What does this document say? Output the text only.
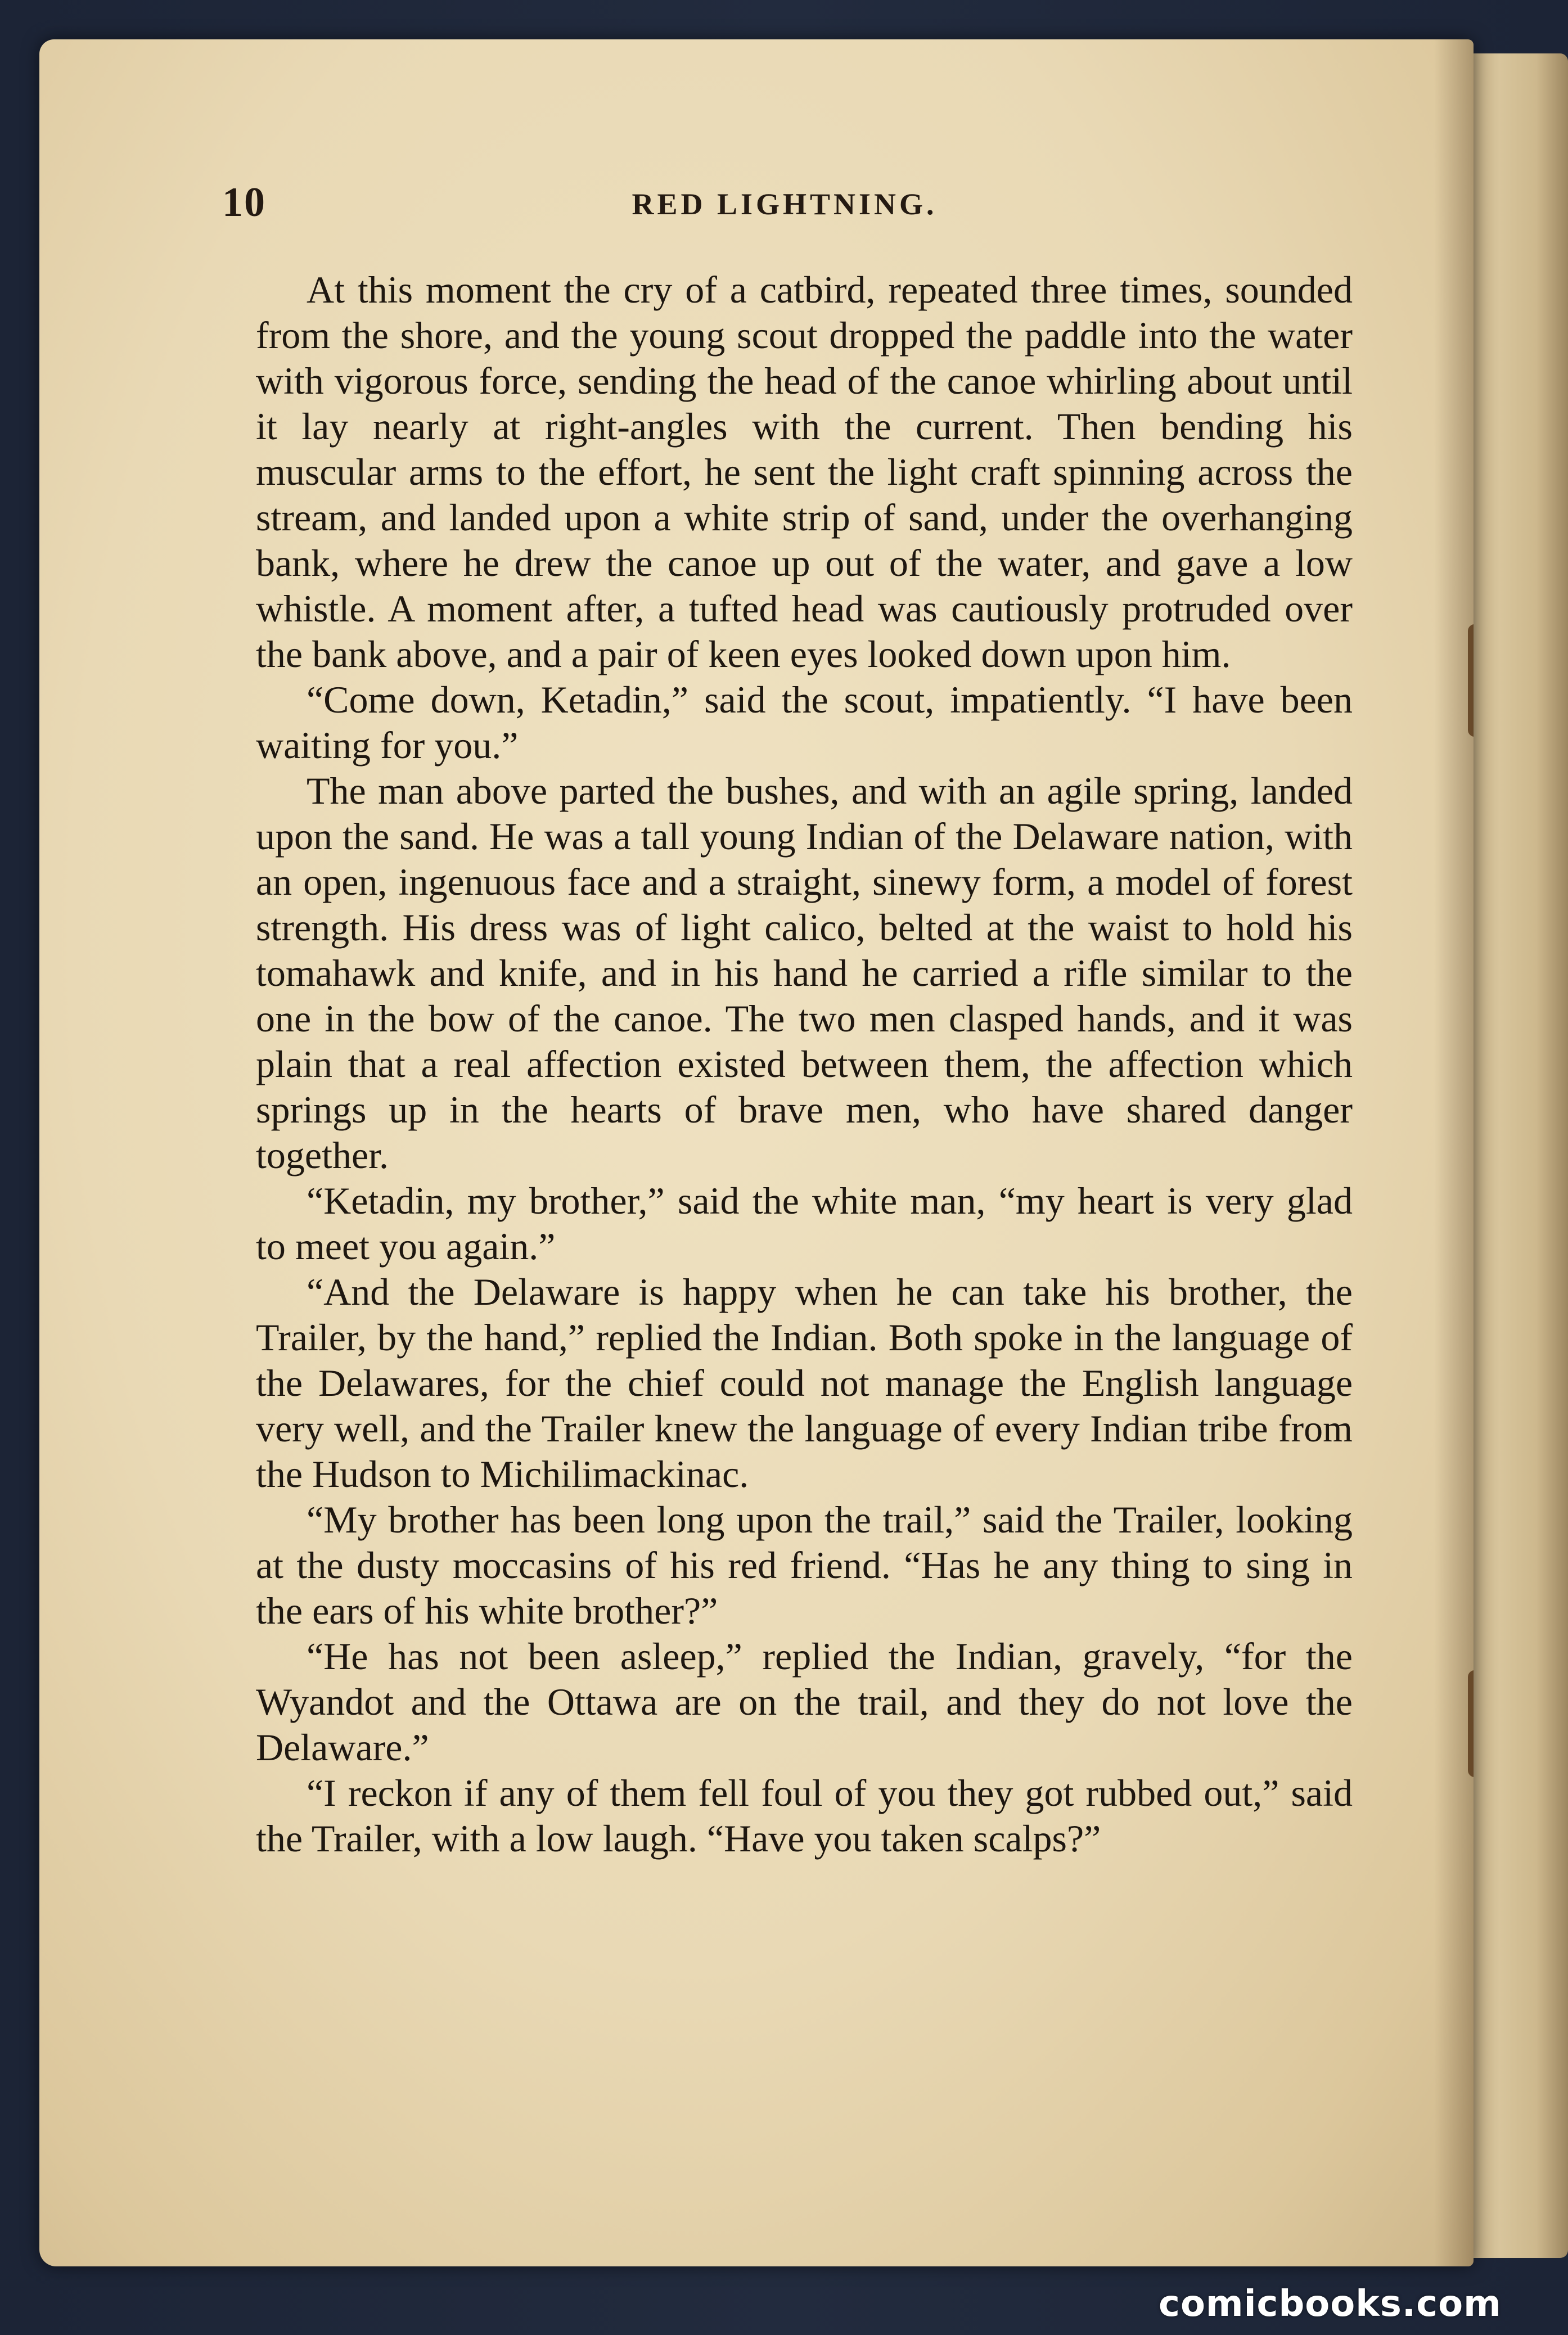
10	RED LIGHTNING.

At this moment the cry of a catbird, repeated three times, sounded from the shore, and the young scout dropped the paddle into the water with vigorous force, sending the head of the canoe whirling about until it lay nearly at right-angles with the current. Then bending his muscular arms to the effort, he sent the light craft spinning across the stream, and landed upon a white strip of sand, under the overhanging bank, where he drew the canoe up out of the water, and gave a low whistle. A moment after, a tufted head was cautiously protruded over the bank above, and a pair of keen eyes looked down upon him.

“Come down, Ketadin,” said the scout, impatiently. “I have been waiting for you.”

The man above parted the bushes, and with an agile spring, landed upon the sand. He was a tall young Indian of the Delaware nation, with an open, ingenuous face and a straight, sinewy form, a model of forest strength. His dress was of light calico, belted at the waist to hold his tomahawk and knife, and in his hand he carried a rifle similar to the one in the bow of the canoe. The two men clasped hands, and it was plain that a real affection existed between them, the affection which springs up in the hearts of brave men, who have shared danger together.

“Ketadin, my brother,” said the white man, “my heart is very glad to meet you again.”

“And the Delaware is happy when he can take his brother, the Trailer, by the hand,” replied the Indian. Both spoke in the language of the Delawares, for the chief could not manage the English language very well, and the Trailer knew the language of every Indian tribe from the Hudson to Michilimackinac.

“My brother has been long upon the trail,” said the Trailer, looking at the dusty moccasins of his red friend. “Has he any thing to sing in the ears of his white brother?”

“He has not been asleep,” replied the Indian, gravely, “for the Wyandot and the Ottawa are on the trail, and they do not love the Delaware.”

“I reckon if any of them fell foul of you they got rubbed out,” said the Trailer, with a low laugh. “Have you taken scalps?”

comicbooks.com
